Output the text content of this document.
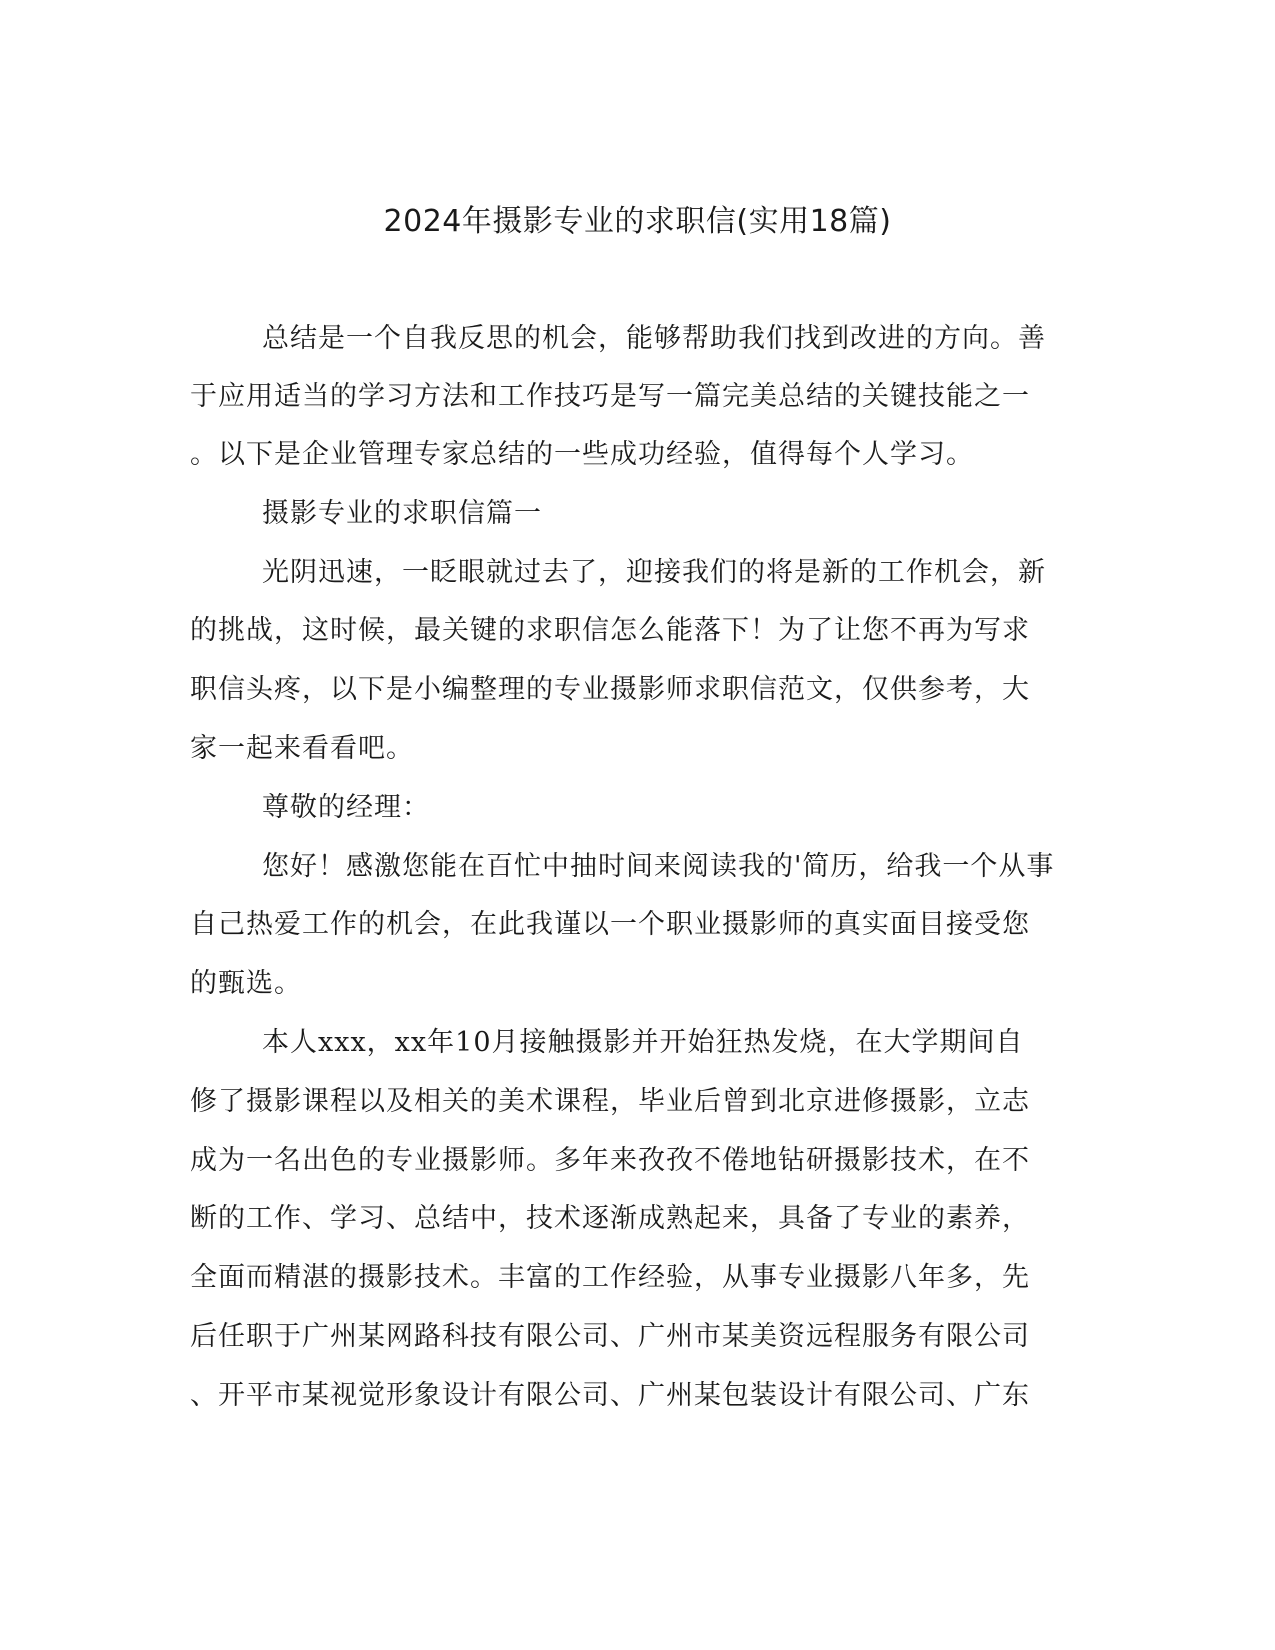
2024年摄影专业的求职信(实用18篇)
总结是一个自我反思的机会，能够帮助我们找到改进的方向。善
于应用适当的学习方法和工作技巧是写一篇完美总结的关键技能之一
。以下是企业管理专家总结的一些成功经验，值得每个人学习。
摄影专业的求职信篇一
光阴迅速，一眨眼就过去了，迎接我们的将是新的工作机会，新
的挑战，这时候，最关键的求职信怎么能落下！为了让您不再为写求
职信头疼，以下是小编整理的专业摄影师求职信范文，仅供参考，大
家一起来看看吧。
尊敬的经理：
您好！感激您能在百忙中抽时间来阅读我的'简历，给我一个从事
自己热爱工作的机会，在此我谨以一个职业摄影师的真实面目接受您
的甄选。
本人xxx，xx年10月接触摄影并开始狂热发烧，在大学期间自
修了摄影课程以及相关的美术课程，毕业后曾到北京进修摄影，立志
成为一名出色的专业摄影师。多年来孜孜不倦地钻研摄影技术，在不
断的工作、学习、总结中，技术逐渐成熟起来，具备了专业的素养，
全面而精湛的摄影技术。丰富的工作经验，从事专业摄影八年多，先
后任职于广州某网路科技有限公司、广州市某美资远程服务有限公司
、开平市某视觉形象设计有限公司、广州某包装设计有限公司、广东
